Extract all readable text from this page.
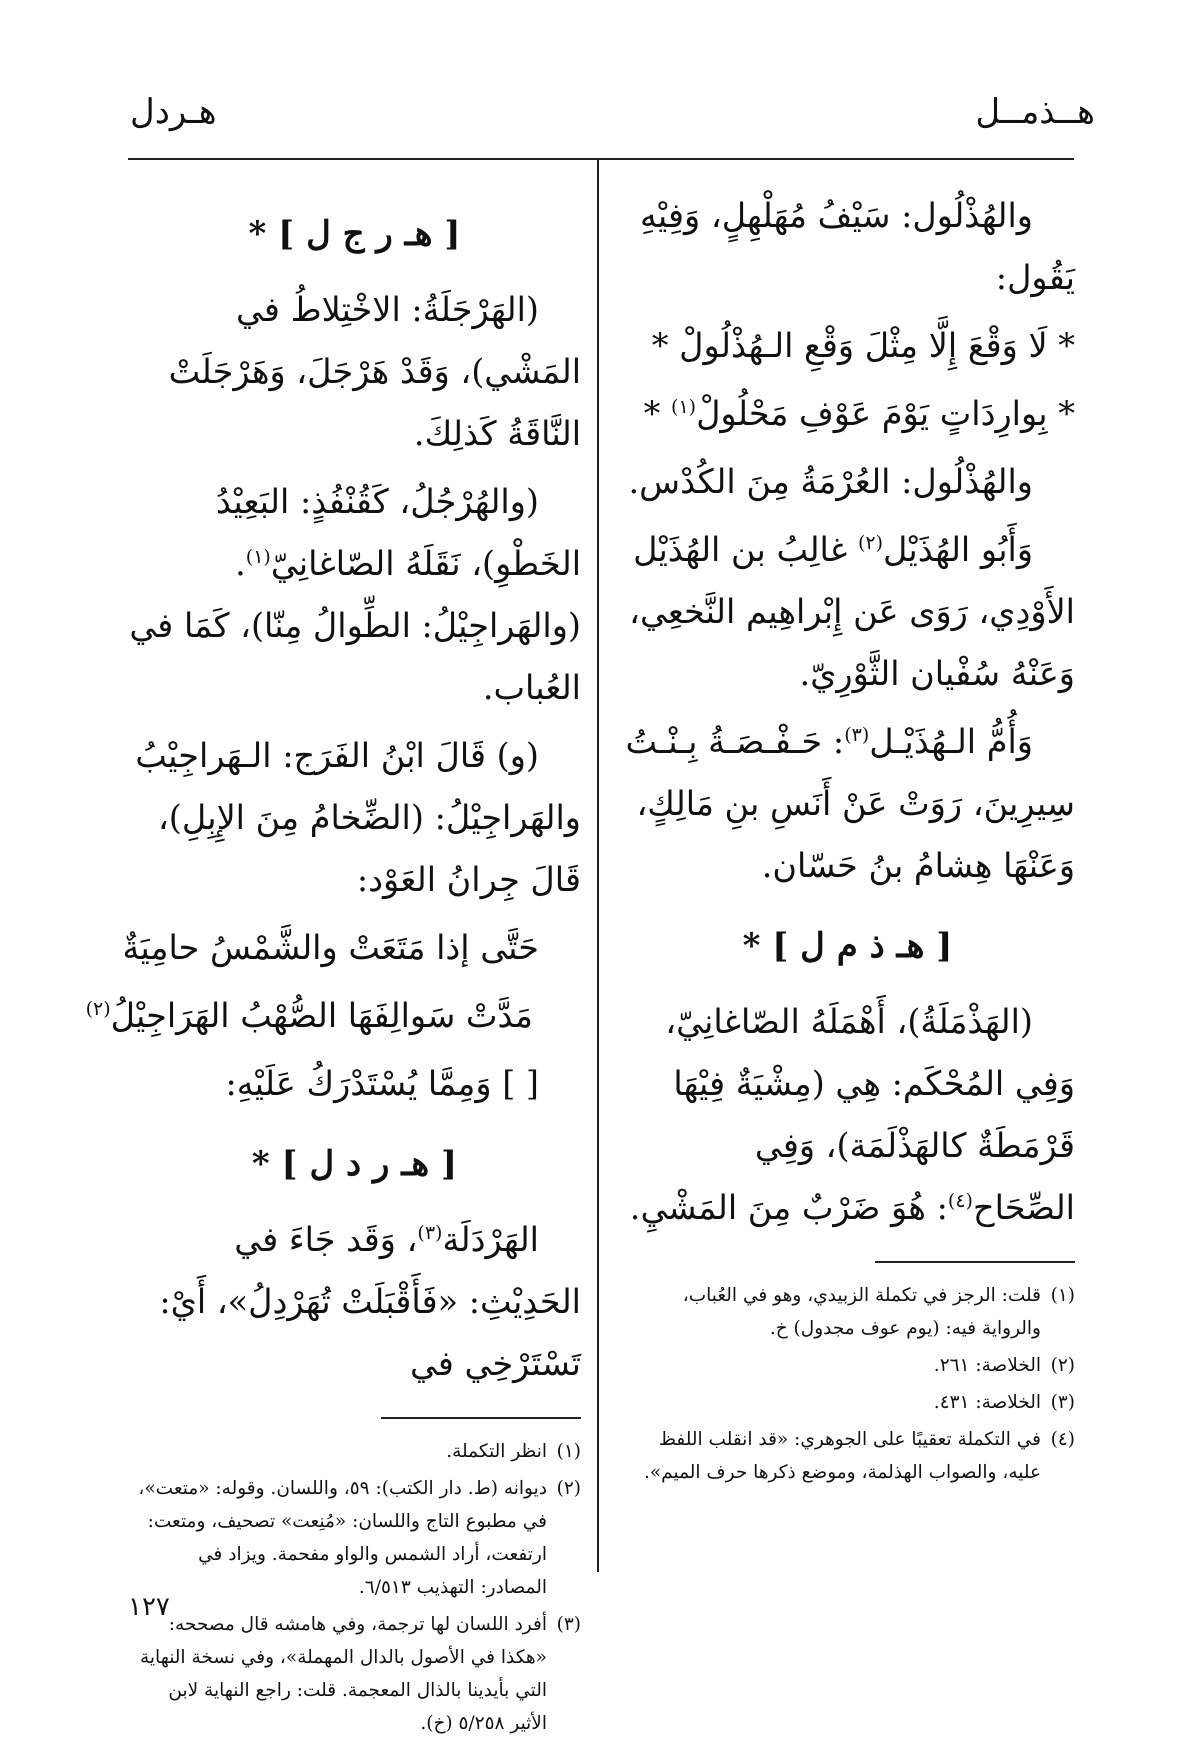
هــذمــل
هـردل

والهُذْلُول: سَيْفُ مُهَلْهِلٍ، وَفِيْهِ يَقُول:

* لَا وَقْعَ إِلَّا مِثْلَ وَقْعِ الـهُذْلُولْ *

* بِوارِدَاتٍ يَوْمَ عَوْفِ مَحْلُولْ$^{(١)}$ *

والهُذْلُول: العُرْمَةُ مِنَ الكُدْس.

وَأَبُو الهُذَيْل$^{(٢)}$ غالِبُ بن الهُذَيْل الأَوْدِي، رَوَى عَن إِبْراهِيم النَّخعِي، وَعَنْهُ سُفْيان الثَّوْرِيّ.

وَأُمُّ الـهُذَيْـل$^{(٣)}$: حَـفْـصَـةُ بِـنْـتُ سِيرِينَ، رَوَتْ عَنْ أَنَسِ بنِ مَالِكٍ، وَعَنْهَا هِشامُ بنُ حَسّان.

[ هـ ذ م ل ] *

(الهَذْمَلَةُ)، أَهْمَلَهُ الصّاغانِيّ، وَفِي المُحْكَم: هِي (مِشْيَةٌ فِيْهَا قَرْمَطَةٌ كالهَذْلَمَة)، وَفِي الصِّحَاح$^{(٤)}$: هُوَ ضَرْبٌ مِنَ المَشْيِ.

(١)
قلت: الرجز في تكملة الزبيدي، وهو في العُباب، والرواية فيه: (يوم عوف مجدول) خ.
(٢)
الخلاصة: ٢٦١.
(٣)
الخلاصة: ٤٣١.
(٤)
في التكملة تعقيبًا على الجوهري: «قد انقلب اللفظ عليه، والصواب الهذلمة، وموضع ذكرها حرف الميم».

[ هـ ر ج ل ] *

(الهَرْجَلَةُ: الاخْتِلاطُ في المَشْي)، وَقَدْ هَرْجَلَ، وَهَرْجَلَتْ النَّاقَةُ كَذلِكَ.

(والهُرْجُلُ، كَقُنْفُذٍ: البَعِيْدُ الخَطْوِ)، نَقَلَهُ الصّاغانِيّ$^{(١)}$. (والهَراجِيْلُ: الطِّوالُ مِنّا)، كَمَا في العُباب.

(و) قَالَ ابْنُ الفَرَج: الـهَراجِيْبُ والهَراجِيْلُ: (الضِّخامُ مِنَ الإِبِلِ)، قَالَ جِرانُ العَوْد:

حَتَّى إذا مَتَعَتْ والشَّمْسُ حامِيَةٌ

مَدَّتْ سَوالِفَهَا الصُّهْبُ الهَرَاجِيْلُ$^{(٢)}$

[ ] وَمِمَّا يُسْتَدْرَكُ عَلَيْهِ:

[ هـ ر د ل ] *

الهَرْدَلَة$^{(٣)}$، وَقَد جَاءَ في الحَدِيْثِ: «فَأَقْبَلَتْ تُهَرْدِلُ»، أَيْ: تَسْتَرْخِي في

(١)
انظر التكملة.
(٢)
ديوانه (ط. دار الكتب): ٥٩، واللسان. وقوله: «متعت»، في مطبوع التاج واللسان: «مُنِعت» تصحيف، ومتعت: ارتفعت، أراد الشمس والواو مفحمة. ويزاد في المصادر: التهذيب ٦/٥١٣.
(٣)
أفرد اللسان لها ترجمة، وفي هامشه قال مصححه: «هكذا في الأصول بالدال المهملة»، وفي نسخة النهاية التي بأيدينا بالذال المعجمة. قلت: راجع النهاية لابن الأثير ٥/٢٥٨ (خ).
١٢٧
